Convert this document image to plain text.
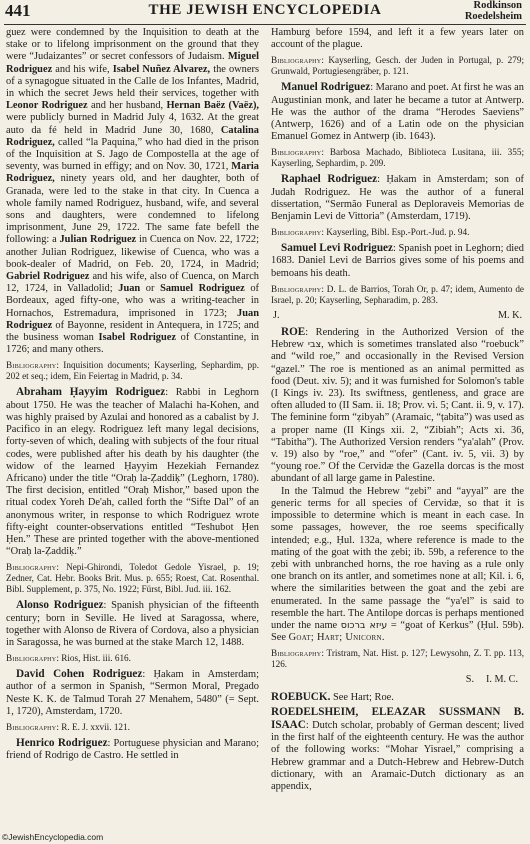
441	THE JEWISH ENCYCLOPEDIA	Rodkinson
Roedelsheim

guez were condemned by the Inquisition to death at the stake or to lifelong imprisonment on the ground that they were “Judaizantes” or secret confessors of Judaism. Miguel Rodriguez and his wife, Isabel Nuñez Alvarez, the owners of a synagogue situated in the Calle de los Infantes, Madrid, in which the secret Jews held their services, together with Leonor Rodriguez and her husband, Hernan Baëz (Vaëz), were publicly burned in Madrid July 4, 1632. At the great auto da fé held in Madrid June 30, 1680, Catalina Rodriguez, called “la Paquina,” who had died in the prison of the Inquisition at S. Jago de Compostella at the age of seventy, was burned in effigy; and on Nov. 30, 1721, Maria Rodriguez, ninety years old, and her daughter, both of Granada, were led to the stake in that city. In Cuenca a whole family named Rodriguez, husband, wife, and several sons and daughters, were condemned to lifelong imprisonment, June 29, 1722. The same fate befell the following: a Julian Rodriguez in Cuenca on Nov. 22, 1722; another Julian Rodriguez, likewise of Cuenca, who was a book-dealer of Madrid, on Feb. 20, 1724, in Madrid; Gabriel Rodriguez and his wife, also of Cuenca, on March 12, 1724, in Valladolid; Juan or Samuel Rodriguez of Bordeaux, aged fifty-one, who was a writing-teacher in Hornachos, Estremadura, imprisoned in 1723; Juan Rodriguez of Bayonne, resident in Antequera, in 1725; and the business woman Isabel Rodriguez of Constantine, in 1726; and many others.

Bibliography: Inquisition documents; Kayserling, Sephardim, pp. 202 et seq.; idem, Ein Feiertag in Madrid, p. 34.

Abraham Ḥayyim Rodriguez: Rabbi in Leghorn about 1750. He was the teacher of Malachi ha-Kohen, and was highly praised by Azulai and honored as a cabalist by J. Pacifico in an elegy. Rodriguez left many legal decisions, forty-seven of which, dealing with subjects of the four ritual codes, were published after his death by his daughter (the widow of the learned Ḥayyim Hezekiah Fernandez Africano) under the title “Oraḥ la-Ẓaddiḳ” (Leghorn, 1780). The first decision, entitled “Oraḥ Mishor,” based upon the ritual codex Yoreh De'ah, called forth the “Sifte Dal” of an anonymous writer, in response to which Rodriguez wrote fifty-eight counter-observations entitled “Teshubot Ḥen Ḥen.” These are printed together with the above-mentioned “Oraḥ la-Ẓaddiḳ.”

Bibliography: Nepi-Ghirondi, Toledot Gedole Yisrael, p. 19; Zedner, Cat. Hebr. Books Brit. Mus. p. 655; Roest, Cat. Rosenthal. Bibl. Supplement, p. 375, No. 1922; Fürst, Bibl. Jud. iii. 162.

Alonso Rodriguez: Spanish physician of the fifteenth century; born in Seville. He lived at Saragossa, where, together with Alonso de Rivera of Cordova, also a physician in Saragossa, he was burned at the stake March 12, 1488.

Bibliography: Rios, Hist. iii. 616.

David Cohen Rodriguez: Ḥakam in Amsterdam; author of a sermon in Spanish, “Sermon Moral, Pregado Neste K. K. de Talmud Torah 27 Menahem, 5480” (= Sept. 1, 1720), Amsterdam, 1720.

Bibliography: R. E. J. xxvii. 121.

Henrico Rodriguez: Portuguese physician and Marano; friend of Rodrigo de Castro. He settled in

Hamburg before 1594, and left it a few years later on account of the plague.

Bibliography: Kayserling, Gesch. der Juden in Portugal, p. 279; Grunwald, Portugiesengräber, p. 121.

Manuel Rodriguez: Marano and poet. At first he was an Augustinian monk, and later he became a tutor at Antwerp. He was the author of the drama “Herodes Saeviens” (Antwerp, 1626) and of a Latin ode on the physician Emanuel Gomez in Antwerp (ib. 1643).

Bibliography: Barbosa Machado, Biblioteca Lusitana, iii. 355; Kayserling, Sephardim, p. 209.

Raphael Rodriguez: Ḥakam in Amsterdam; son of Judah Rodriguez. He was the author of a funeral dissertation, “Sermão Funeral as Deploraveis Memorias de Benjamin Levi de Vittoria” (Amsterdam, 1719).

Bibliography: Kayserling, Bibl. Esp.-Port.-Jud. p. 94.

Samuel Levi Rodriguez: Spanish poet in Leghorn; died 1683. Daniel Levi de Barrios gives some of his poems and bemoans his death.

Bibliography: D. L. de Barrios, Torah Or, p. 47; idem, Aumento de Israel, p. 20; Kayserling, Sepharadim, p. 283.

J.	M. K.

ROE: Rendering in the Authorized Version of the Hebrew צבי, which is sometimes translated also “roebuck” and “wild roe,” and occasionally in the Revised Version “gazel.” The roe is mentioned as an animal permitted as food (Deut. xiv. 5); and it was furnished for Solomon's table (I Kings iv. 23). Its swiftness, gentleness, and grace are often alluded to (II Sam. ii. 18; Prov. vi. 5; Cant. ii. 9, v. 17). The feminine form “ẓibyah” (Aramaic, “ṭabita”) was used as a proper name (II Kings xii. 2, “Zibiah”; Acts xi. 36, “Tabitha”). The Authorized Version renders “ya'alah” (Prov. v. 19) also by “roe,” and “'ofer” (Cant. iv. 5, vii. 3) by “young roe.” Of the Cervidæ the Gazella dorcas is the most abundant of all large game in Palestine.

In the Talmud the Hebrew “ẓebi” and “ayyal” are the generic terms for all species of Cervidæ, so that it is impossible to determine which is meant in each case. In some passages, however, the roe seems specifically intended; e.g., Ḥul. 132a, where reference is made to the mating of the goat with the ẓebi; ib. 59b, a reference to the ẓebi with unbranched horns, the roe having as a rule only one branch on its antler, and sometimes none at all; Kil. i. 6, where the similarities between the goat and the ẓebi are enumerated. In the same passage the “ya'el” is said to resemble the hart. The Antilope dorcas is perhaps mentioned under the name עיזא ברכוס = “goat of Kerkus” (Ḥul. 59b). See Goat; Hart; Unicorn.

Bibliography: Tristram, Nat. Hist. p. 127; Lewysohn, Z. T. pp. 113, 126.

S. I. M. C.

ROEBUCK. See Hart; Roe.

ROEDELSHEIM, ELEAZAR SUSSMANN B. ISAAC: Dutch scholar, probably of German descent; lived in the first half of the eighteenth century. He was the author of the following works: “Mohar Yisrael,” comprising a Hebrew grammar and a Dutch-Hebrew and Hebrew-Dutch dictionary, with an Aramaic-Dutch dictionary as an appendix,

©JewishEncyclopedia.com
